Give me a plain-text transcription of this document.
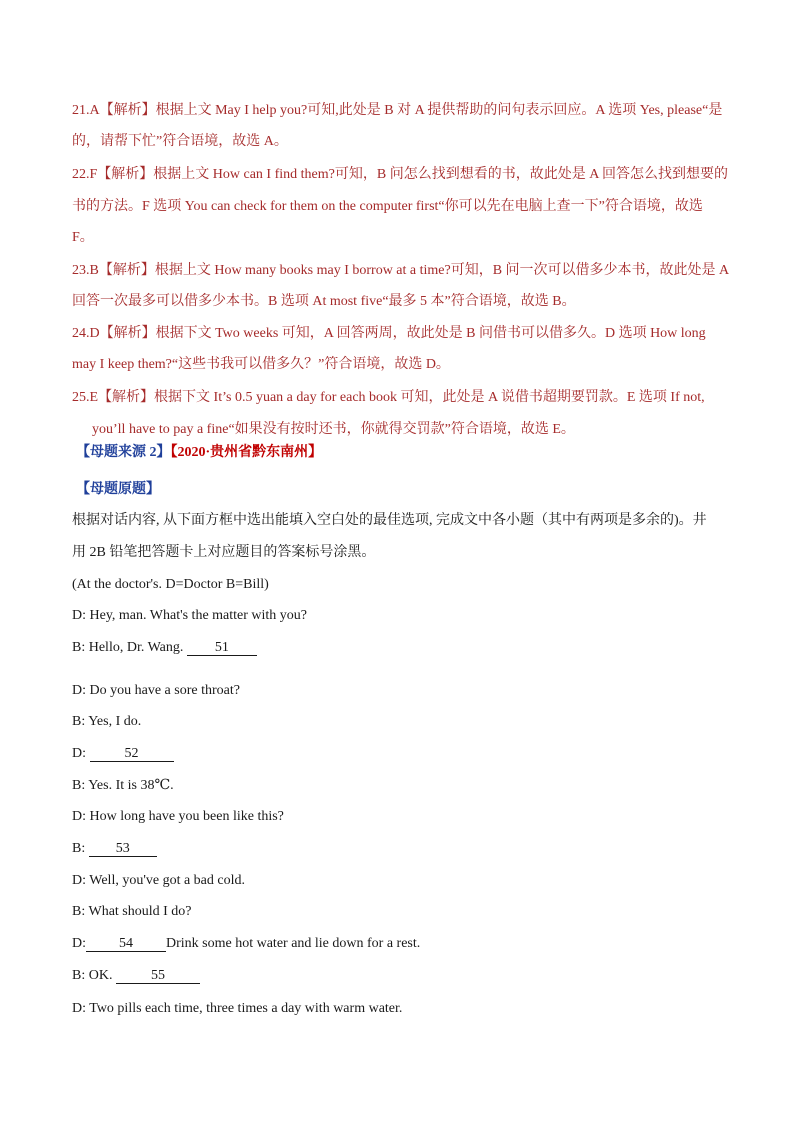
21.A【解析】根据上文 May I help you?可知,此处是 B 对 A 提供帮助的问句表示回应。A 选项 Yes, please“是
的，请帮下忙”符合语境，故选 A。
22.F【解析】根据上文 How can I find them?可知，B 问怎么找到想看的书，故此处是 A 回答怎么找到想要的
书的方法。F 选项 You can check for them on the computer first“你可以先在电脑上查一下”符合语境，故选
F。
23.B【解析】根据上文 How many books may I borrow at a time?可知，B 问一次可以借多少本书，故此处是 A
回答一次最多可以借多少本书。B 选项 At most five“最多 5 本”符合语境，故选 B。
24.D【解析】根据下文 Two weeks 可知，A 回答两周，故此处是 B 问借书可以借多久。D 选项 How long
may I keep them?“这些书我可以借多久？”符合语境，故选 D。
25.E【解析】根据下文 It’s 0.5 yuan a day for each book 可知，此处是 A 说借书超期要罚款。E 选项 If not,
you’ll have to pay a fine“如果没有按时还书，你就得交罚款”符合语境，故选 E。
【母题来源 2】【2020·贵州省黔东南州】
【母题原题】
根据对话内容, 从下面方框中选出能填入空白处的最佳选项, 完成文中各小题（其中有两项是多余的)。井
用 2B 铅笔把答题卡上对应题目的答案标号涂黑。
(At the doctor's. D=Doctor B=Bill)
D: Hey, man. What's the matter with you?
B: Hello, Dr. Wang. 51
D: Do you have a sore throat?
B: Yes, I do.
D:	52
B: Yes. It is 38℃.
D: How long have you been like this?
B: 53
D: Well, you've got a bad cold.
B: What should I do?
D: 54 Drink some hot water and lie down for a rest.
B: OK.	55
D: Two pills each time, three times a day with warm water.
